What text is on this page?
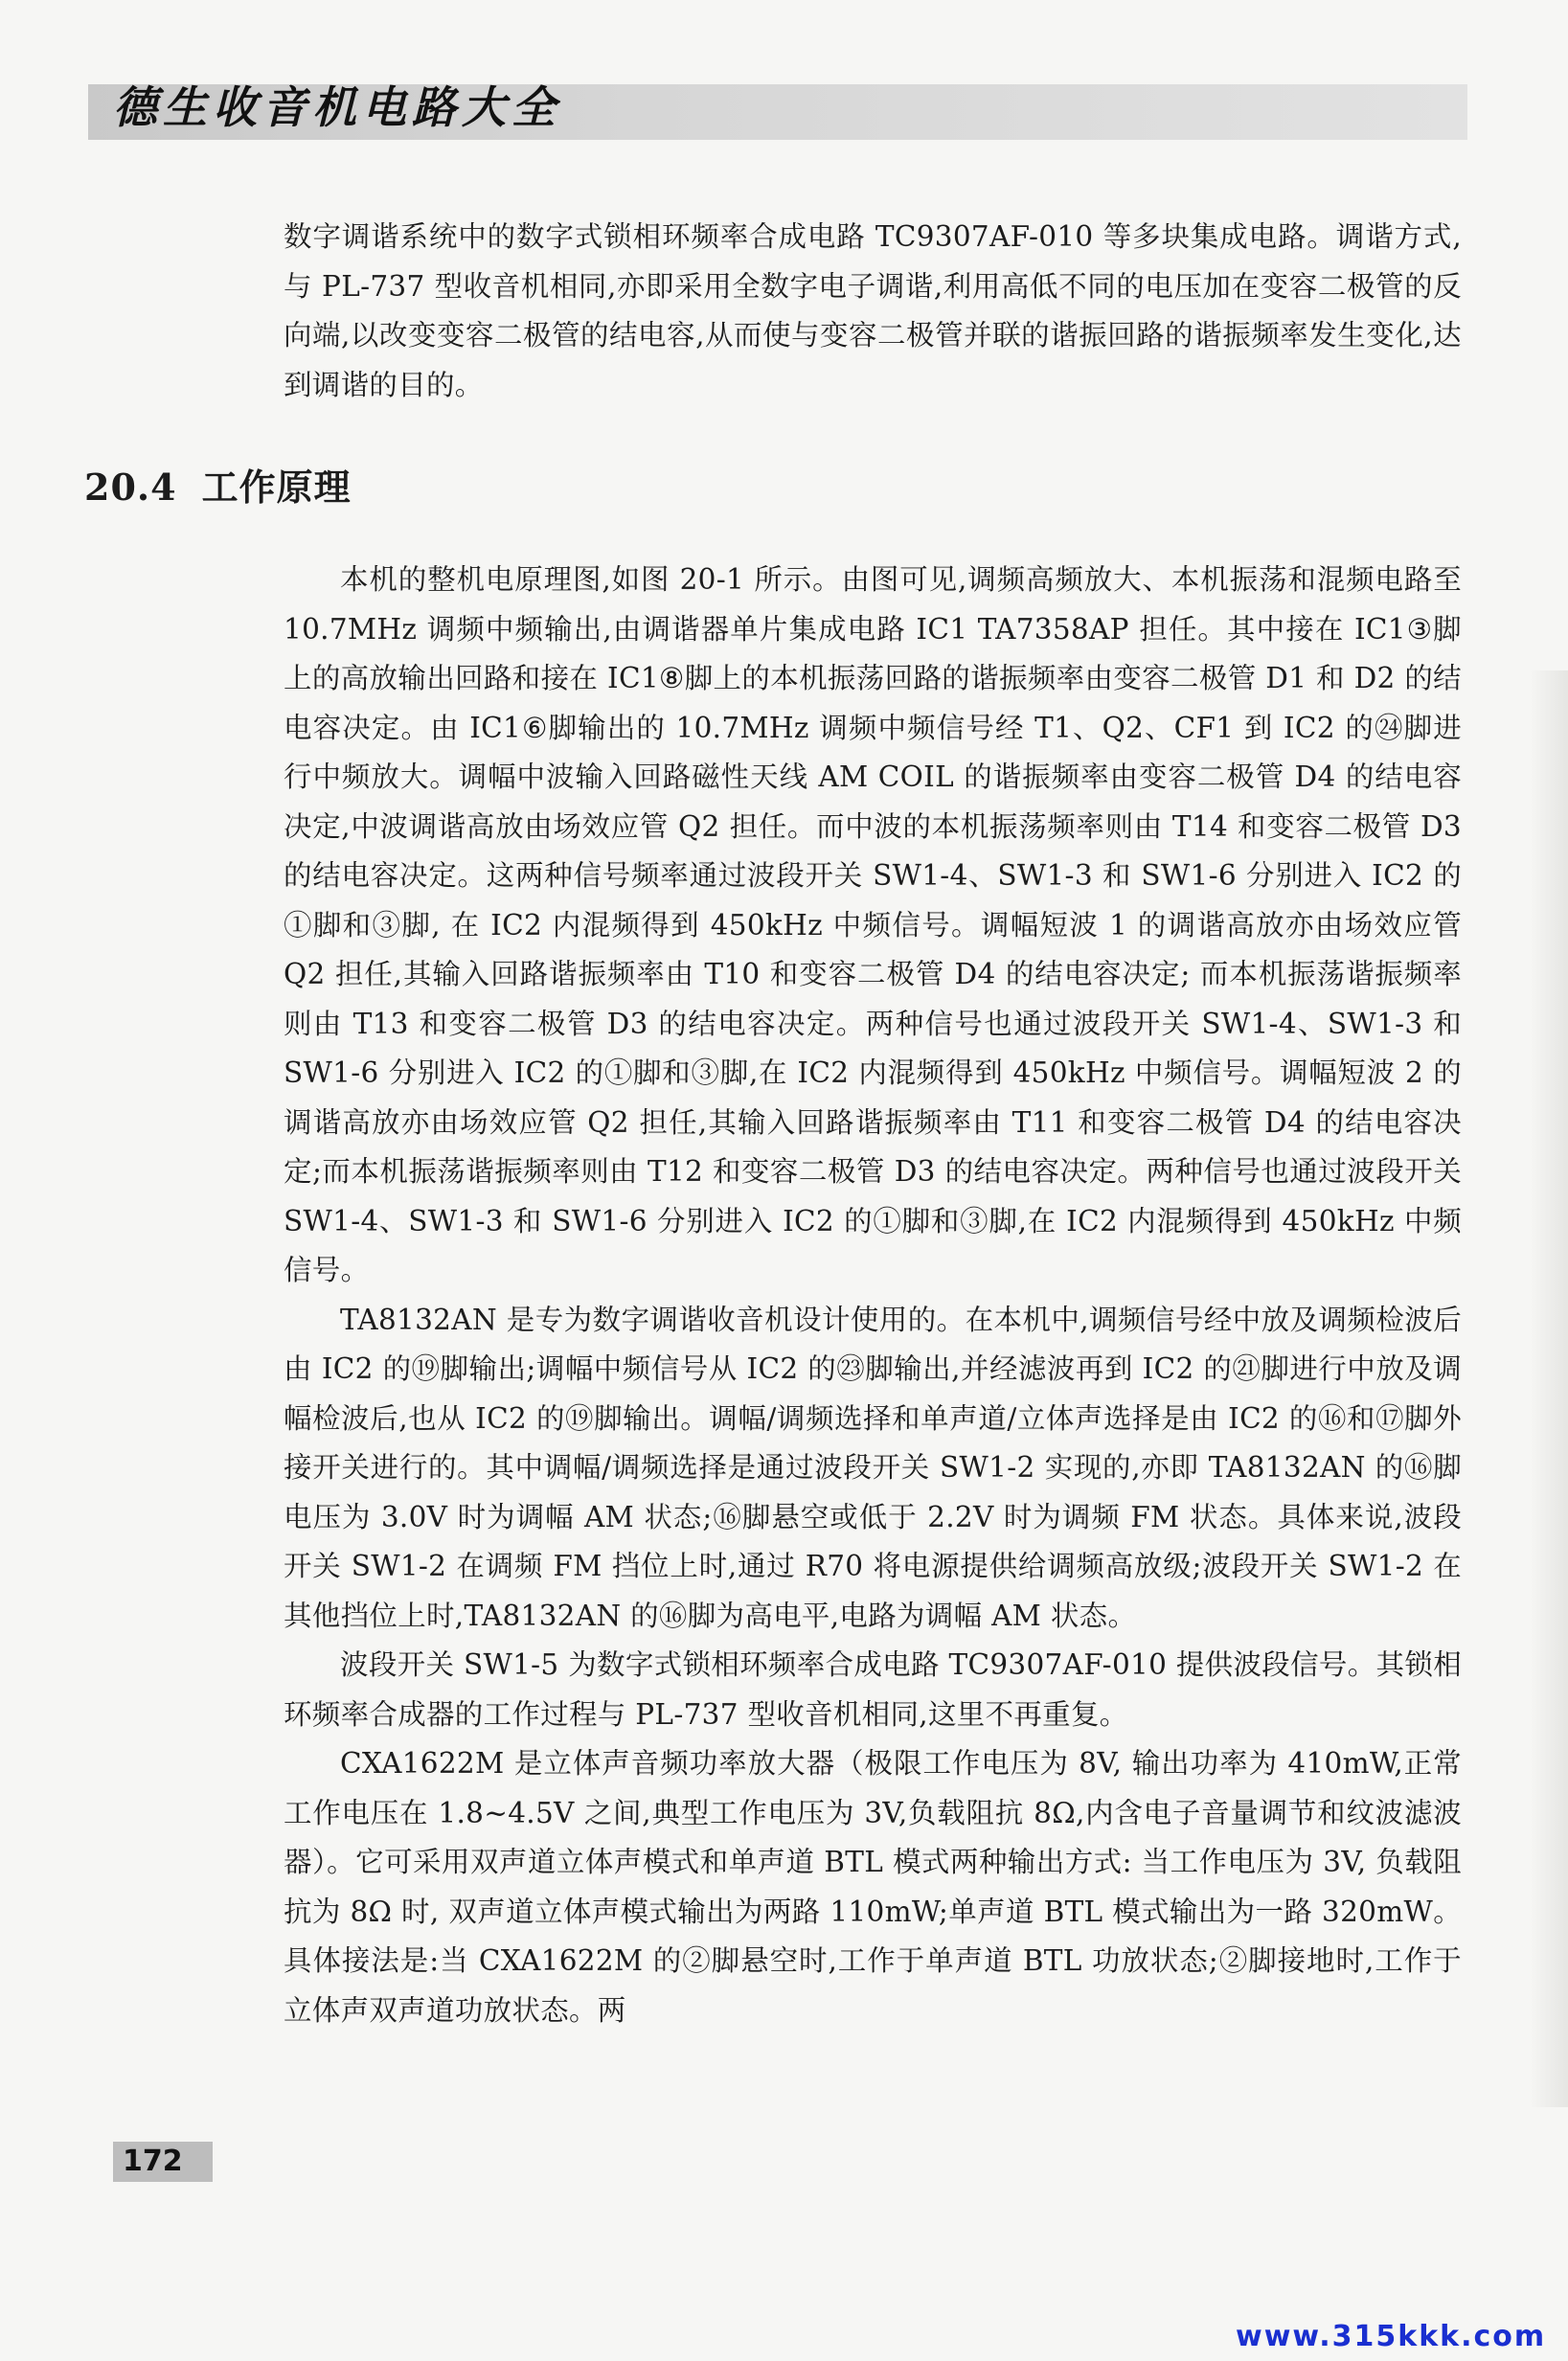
德生收音机电路大全

数字调谐系统中的数字式锁相环频率合成电路 TC9307AF-010 等多块集成电路。调谐方式,与 PL-737 型收音机相同,亦即采用全数字电子调谐,利用高低不同的电压加在变容二极管的反向端,以改变变容二极管的结电容,从而使与变容二极管并联的谐振回路的谐振频率发生变化,达到调谐的目的。

20.4 工作原理

本机的整机电原理图,如图 20-1 所示。由图可见,调频高频放大、本机振荡和混频电路至 10.7MHz 调频中频输出,由调谐器单片集成电路 IC1 TA7358AP 担任。其中接在 IC1③脚上的高放输出回路和接在 IC1⑧脚上的本机振荡回路的谐振频率由变容二极管 D1 和 D2 的结电容决定。由 IC1⑥脚输出的 10.7MHz 调频中频信号经 T1、Q2、CF1 到 IC2 的㉔脚进行中频放大。调幅中波输入回路磁性天线 AM COIL 的谐振频率由变容二极管 D4 的结电容决定,中波调谐高放由场效应管 Q2 担任。而中波的本机振荡频率则由 T14 和变容二极管 D3 的结电容决定。这两种信号频率通过波段开关 SW1-4、SW1-3 和 SW1-6 分别进入 IC2 的①脚和③脚, 在 IC2 内混频得到 450kHz 中频信号。调幅短波 1 的调谐高放亦由场效应管 Q2 担任,其输入回路谐振频率由 T10 和变容二极管 D4 的结电容决定; 而本机振荡谐振频率则由 T13 和变容二极管 D3 的结电容决定。两种信号也通过波段开关 SW1-4、SW1-3 和 SW1-6 分别进入 IC2 的①脚和③脚,在 IC2 内混频得到 450kHz 中频信号。调幅短波 2 的调谐高放亦由场效应管 Q2 担任,其输入回路谐振频率由 T11 和变容二极管 D4 的结电容决定;而本机振荡谐振频率则由 T12 和变容二极管 D3 的结电容决定。两种信号也通过波段开关 SW1-4、SW1-3 和 SW1-6 分别进入 IC2 的①脚和③脚,在 IC2 内混频得到 450kHz 中频信号。

TA8132AN 是专为数字调谐收音机设计使用的。在本机中,调频信号经中放及调频检波后由 IC2 的⑲脚输出;调幅中频信号从 IC2 的㉓脚输出,并经滤波再到 IC2 的㉑脚进行中放及调幅检波后,也从 IC2 的⑲脚输出。调幅/调频选择和单声道/立体声选择是由 IC2 的⑯和⑰脚外接开关进行的。其中调幅/调频选择是通过波段开关 SW1-2 实现的,亦即 TA8132AN 的⑯脚电压为 3.0V 时为调幅 AM 状态;⑯脚悬空或低于 2.2V 时为调频 FM 状态。具体来说,波段开关 SW1-2 在调频 FM 挡位上时,通过 R70 将电源提供给调频高放级;波段开关 SW1-2 在其他挡位上时,TA8132AN 的⑯脚为高电平,电路为调幅 AM 状态。

波段开关 SW1-5 为数字式锁相环频率合成电路 TC9307AF-010 提供波段信号。其锁相环频率合成器的工作过程与 PL-737 型收音机相同,这里不再重复。

CXA1622M 是立体声音频功率放大器（极限工作电压为 8V, 输出功率为 410mW,正常工作电压在 1.8~4.5V 之间,典型工作电压为 3V,负载阻抗 8Ω,内含电子音量调节和纹波滤波器）。它可采用双声道立体声模式和单声道 BTL 模式两种输出方式: 当工作电压为 3V, 负载阻抗为 8Ω 时, 双声道立体声模式输出为两路 110mW;单声道 BTL 模式输出为一路 320mW。具体接法是:当 CXA1622M 的②脚悬空时,工作于单声道 BTL 功放状态;②脚接地时,工作于立体声双声道功放状态。两

172
www.315kkk.com
